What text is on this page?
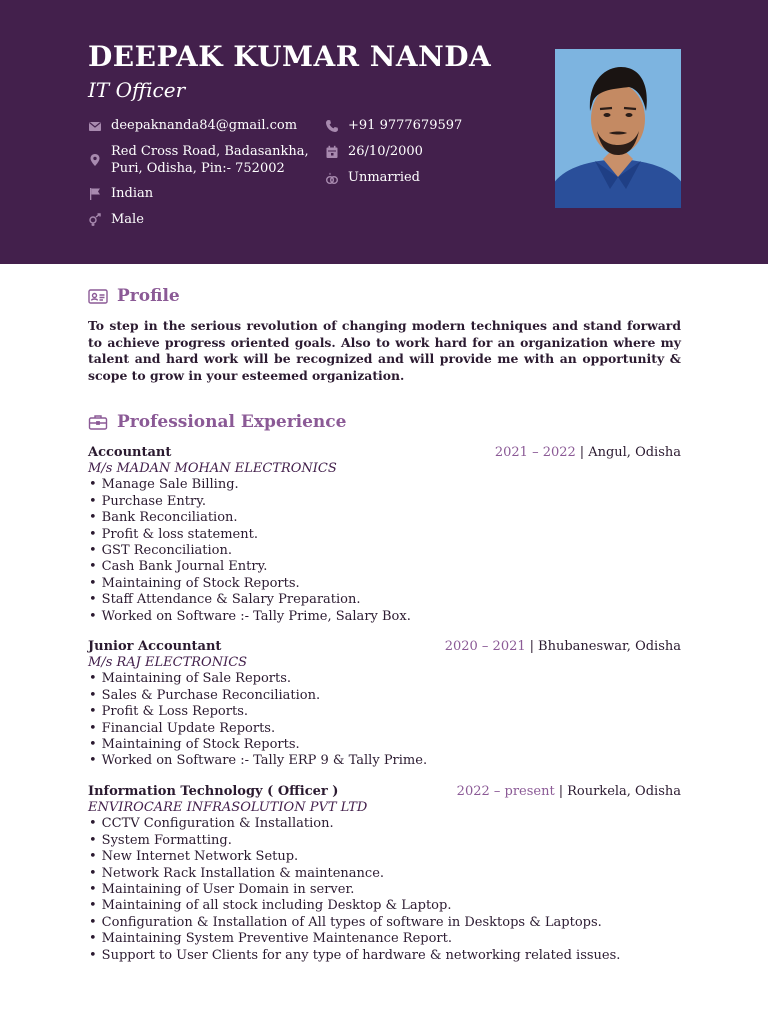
DEEPAK KUMAR NANDA
IT Officer
deepaknanda84@gmail.com
Red Cross Road, Badasankha,
Puri, Odisha, Pin:- 752002
Indian
Male
+91 9777679597
26/10/2000
Unmarried
Profile
To step in the serious revolution of changing modern techniques and stand forward to achieve progress oriented goals. Also to work hard for an organization where my talent and hard work will be recognized and will provide me with an opportunity & scope to grow in your esteemed organization.
Professional Experience
Accountant	2021 – 2022 | Angul, Odisha
M/s MADAN MOHAN ELECTRONICS
• Manage Sale Billing.
• Purchase Entry.
• Bank Reconciliation.
• Profit & loss statement.
• GST Reconciliation.
• Cash Bank Journal Entry.
• Maintaining of Stock Reports.
• Staff Attendance & Salary Preparation.
• Worked on Software :- Tally Prime, Salary Box.
Junior Accountant	2020 – 2021 | Bhubaneswar, Odisha
M/s RAJ ELECTRONICS
• Maintaining of Sale Reports.
• Sales & Purchase Reconciliation.
• Profit & Loss Reports.
• Financial Update Reports.
• Maintaining of Stock Reports.
• Worked on Software :- Tally ERP 9 & Tally Prime.
Information Technology ( Officer )	2022 – present | Rourkela, Odisha
ENVIROCARE INFRASOLUTION PVT LTD
• CCTV Configuration & Installation.
• System Formatting.
• New Internet Network Setup.
• Network Rack Installation & maintenance.
• Maintaining of User Domain in server.
• Maintaining of all stock including Desktop & Laptop.
• Configuration & Installation of All types of software in Desktops & Laptops.
• Maintaining System Preventive Maintenance Report.
• Support to User Clients for any type of hardware & networking related issues.
